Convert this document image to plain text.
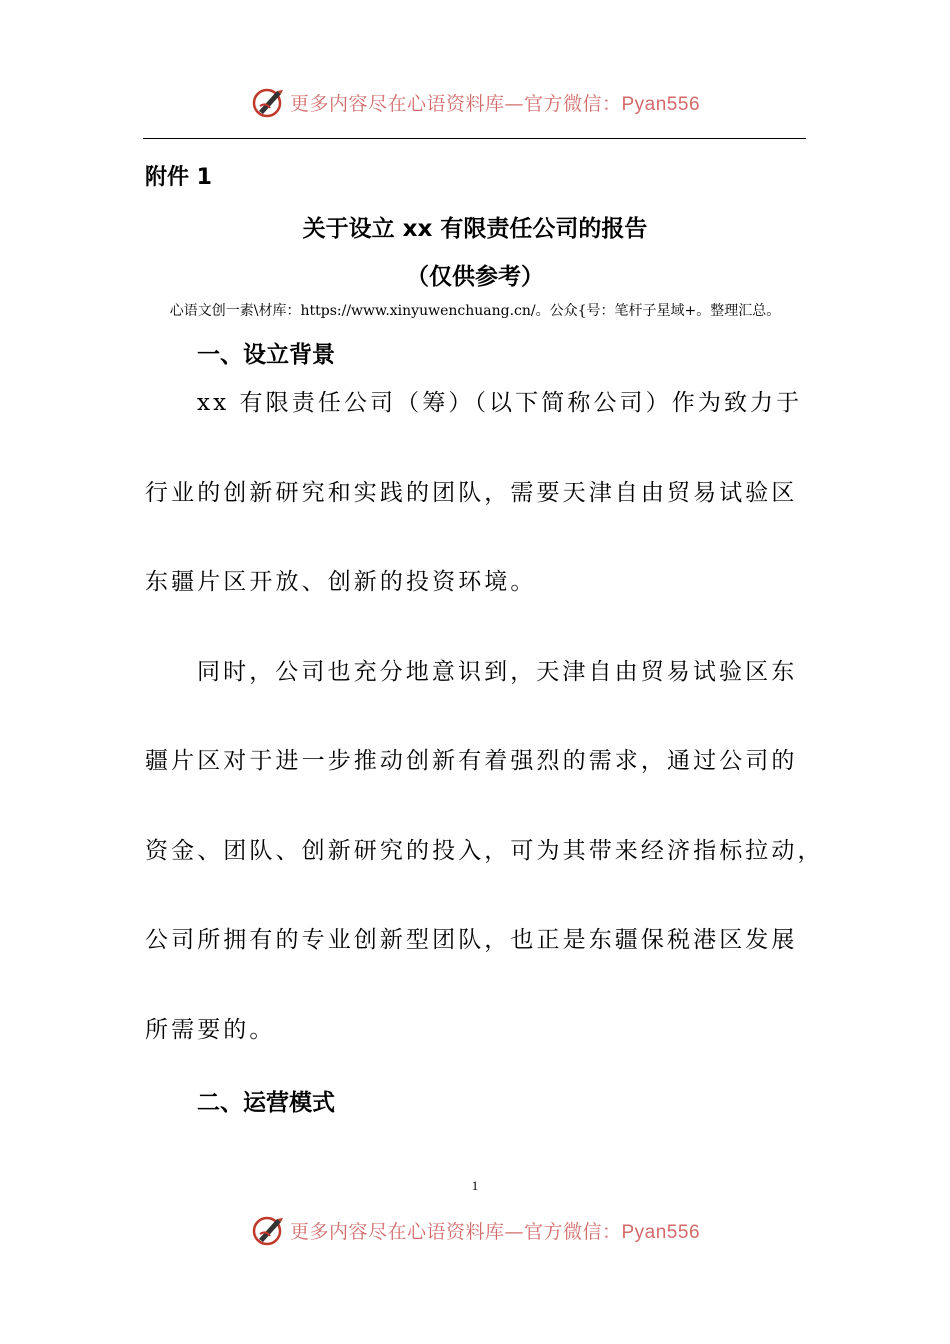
更多内容尽在心语资料库—官方微信：Pyan556
附件 1
关于设立 xx 有限责任公司的报告
（仅供参考）
心语文创一素\材库：https://www.xinyuwenchuang.cn/。公众{号：笔杆子星域+。整理汇总。
一、设立背景
xx 有限责任公司（筹）（以下简称公司）作为致力于
行业的创新研究和实践的团队，需要天津自由贸易试验区
东疆片区开放、创新的投资环境。
同时，公司也充分地意识到，天津自由贸易试验区东
疆片区对于进一步推动创新有着强烈的需求，通过公司的
资金、团队、创新研究的投入，可为其带来经济指标拉动，
公司所拥有的专业创新型团队，也正是东疆保税港区发展
所需要的。
二、运营模式
1
更多内容尽在心语资料库—官方微信：Pyan556
